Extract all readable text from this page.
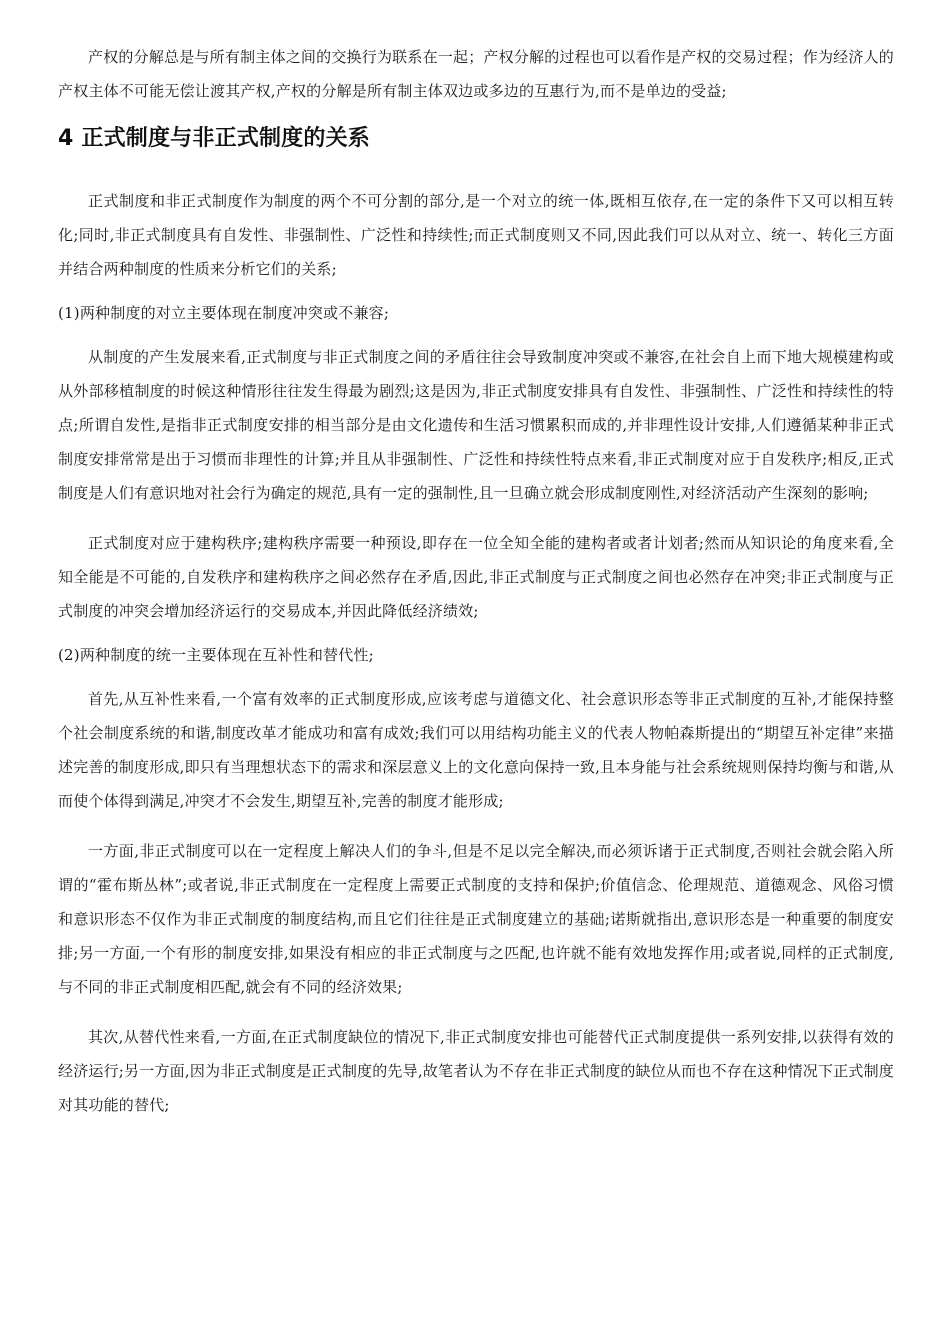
产权的分解总是与所有制主体之间的交换行为联系在一起；产权分解的过程也可以看作是产权的交易过程；作为经济人的产权主体不可能无偿让渡其产权,产权的分解是所有制主体双边或多边的互惠行为,而不是单边的受益;

4 正式制度与非正式制度的关系

正式制度和非正式制度作为制度的两个不可分割的部分,是一个对立的统一体,既相互依存,在一定的条件下又可以相互转化;同时,非正式制度具有自发性、非强制性、广泛性和持续性;而正式制度则又不同,因此我们可以从对立、统一、转化三方面并结合两种制度的性质来分析它们的关系;

(1)两种制度的对立主要体现在制度冲突或不兼容;

从制度的产生发展来看,正式制度与非正式制度之间的矛盾往往会导致制度冲突或不兼容,在社会自上而下地大规模建构或从外部移植制度的时候这种情形往往发生得最为剧烈;这是因为,非正式制度安排具有自发性、非强制性、广泛性和持续性的特点;所谓自发性,是指非正式制度安排的相当部分是由文化遗传和生活习惯累积而成的,并非理性设计安排,人们遵循某种非正式制度安排常常是出于习惯而非理性的计算;并且从非强制性、广泛性和持续性特点来看,非正式制度对应于自发秩序;相反,正式制度是人们有意识地对社会行为确定的规范,具有一定的强制性,且一旦确立就会形成制度刚性,对经济活动产生深刻的影响;

正式制度对应于建构秩序;建构秩序需要一种预设,即存在一位全知全能的建构者或者计划者;然而从知识论的角度来看,全知全能是不可能的,自发秩序和建构秩序之间必然存在矛盾,因此,非正式制度与正式制度之间也必然存在冲突;非正式制度与正式制度的冲突会增加经济运行的交易成本,并因此降低经济绩效;

(2)两种制度的统一主要体现在互补性和替代性;

首先,从互补性来看,一个富有效率的正式制度形成,应该考虑与道德文化、社会意识形态等非正式制度的互补,才能保持整个社会制度系统的和谐,制度改革才能成功和富有成效;我们可以用结构功能主义的代表人物帕森斯提出的“期望互补定律”来描述完善的制度形成,即只有当理想状态下的需求和深层意义上的文化意向保持一致,且本身能与社会系统规则保持均衡与和谐,从而使个体得到满足,冲突才不会发生,期望互补,完善的制度才能形成;

一方面,非正式制度可以在一定程度上解决人们的争斗,但是不足以完全解决,而必须诉诸于正式制度,否则社会就会陷入所谓的“霍布斯丛林”;或者说,非正式制度在一定程度上需要正式制度的支持和保护;价值信念、伦理规范、道德观念、风俗习惯和意识形态不仅作为非正式制度的制度结构,而且它们往往是正式制度建立的基础;诺斯就指出,意识形态是一种重要的制度安排;另一方面,一个有形的制度安排,如果没有相应的非正式制度与之匹配,也许就不能有效地发挥作用;或者说,同样的正式制度,与不同的非正式制度相匹配,就会有不同的经济效果;

其次,从替代性来看,一方面,在正式制度缺位的情况下,非正式制度安排也可能替代正式制度提供一系列安排,以获得有效的经济运行;另一方面,因为非正式制度是正式制度的先导,故笔者认为不存在非正式制度的缺位从而也不存在这种情况下正式制度对其功能的替代;
